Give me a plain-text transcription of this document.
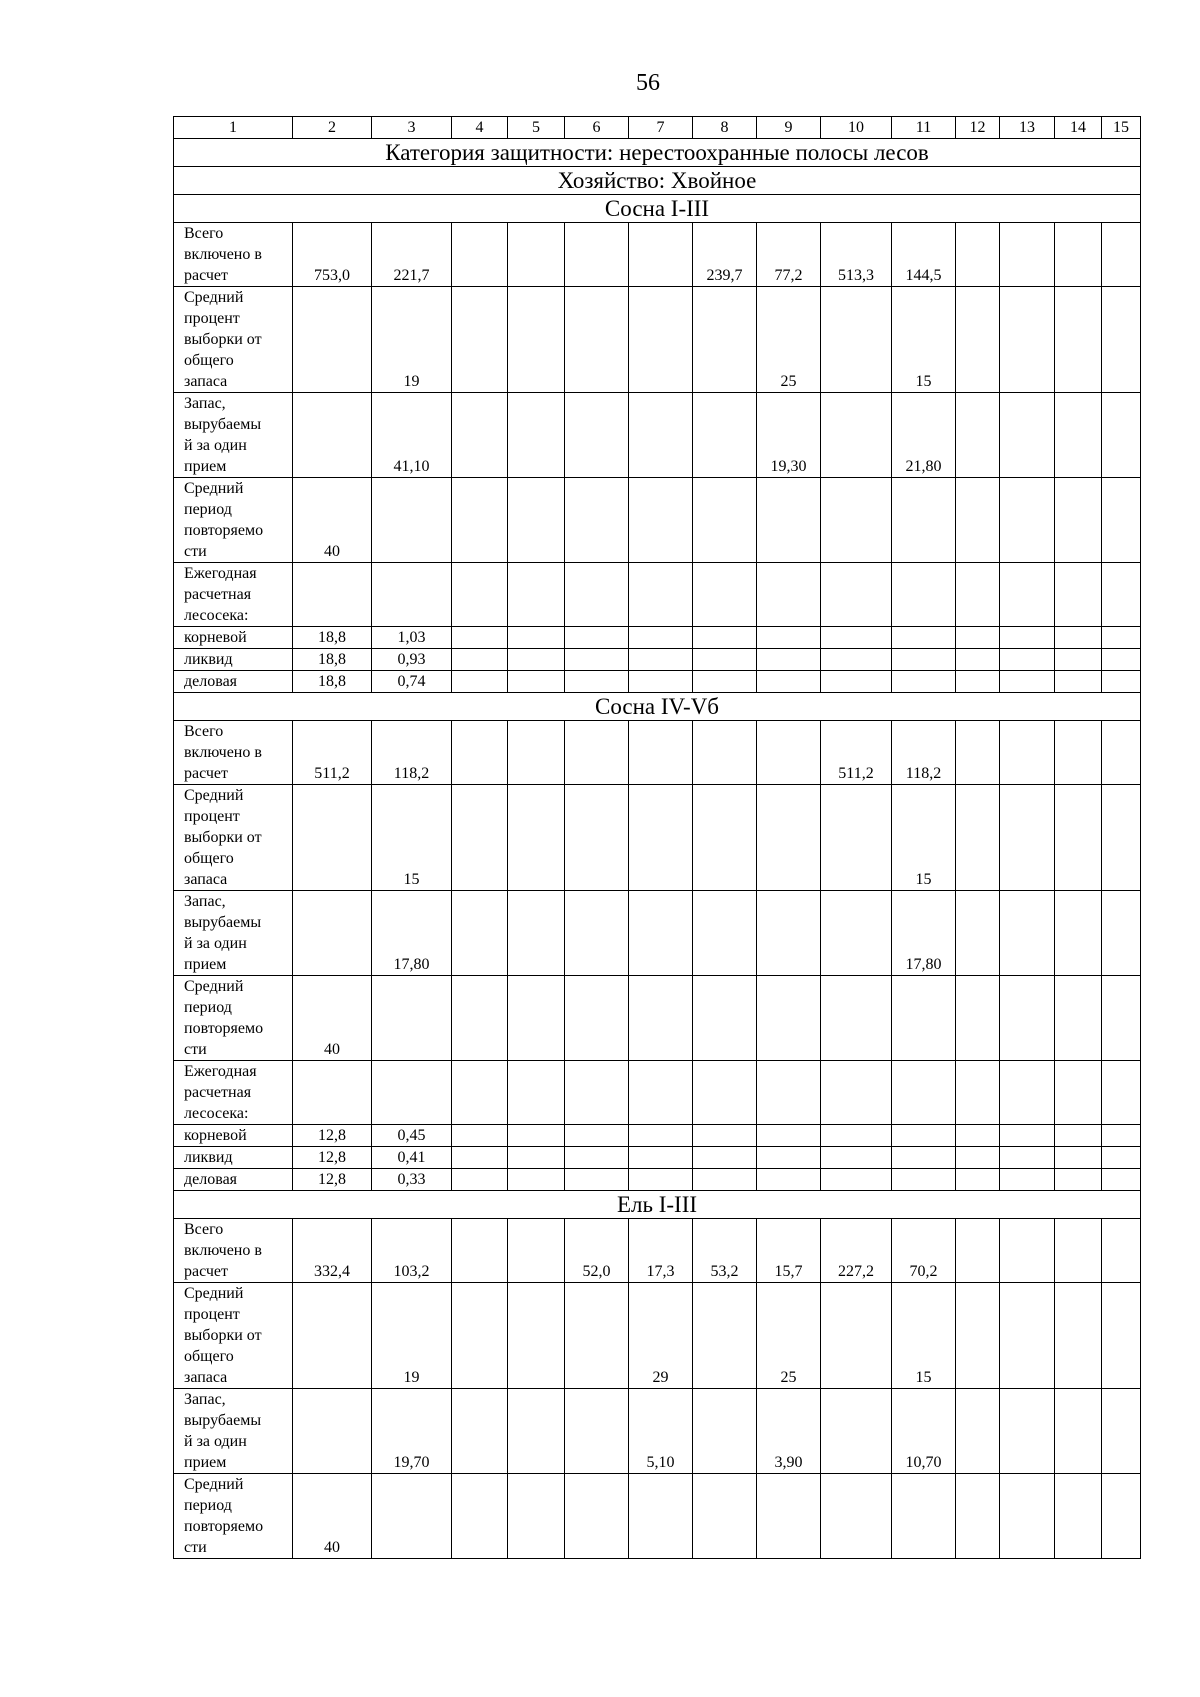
56
1	2	3	4	5	6	7	8	9	10	11	12	13	14	15
Категория защитности: нерестоохранные полосы лесов														
Хозяйство: Хвойное														
Сосна I-III														
Всего
включено в
расчет	753,0	221,7					239,7	77,2	513,3	144,5				
Средний
процент
выборки от
общего
запаса		19						25		15				
Запас,
вырубаемы
й за один
прием		41,10						19,30		21,80				
Средний
период
повторяемо
сти	40													
Ежегодная
расчетная
лесосека:														
корневой	18,8	1,03												
ликвид	18,8	0,93												
деловая	18,8	0,74												
Сосна IV-Vб														
Всего
включено в
расчет	511,2	118,2							511,2	118,2				
Средний
процент
выборки от
общего
запаса		15								15				
Запас,
вырубаемы
й за один
прием		17,80								17,80				
Средний
период
повторяемо
сти	40													
Ежегодная
расчетная
лесосека:														
корневой	12,8	0,45												
ликвид	12,8	0,41												
деловая	12,8	0,33												
Ель I-III														
Всего
включено в
расчет	332,4	103,2			52,0	17,3	53,2	15,7	227,2	70,2				
Средний
процент
выборки от
общего
запаса		19				29		25		15				
Запас,
вырубаемы
й за один
прием		19,70				5,10		3,90		10,70				
Средний
период
повторяемо
сти	40													
